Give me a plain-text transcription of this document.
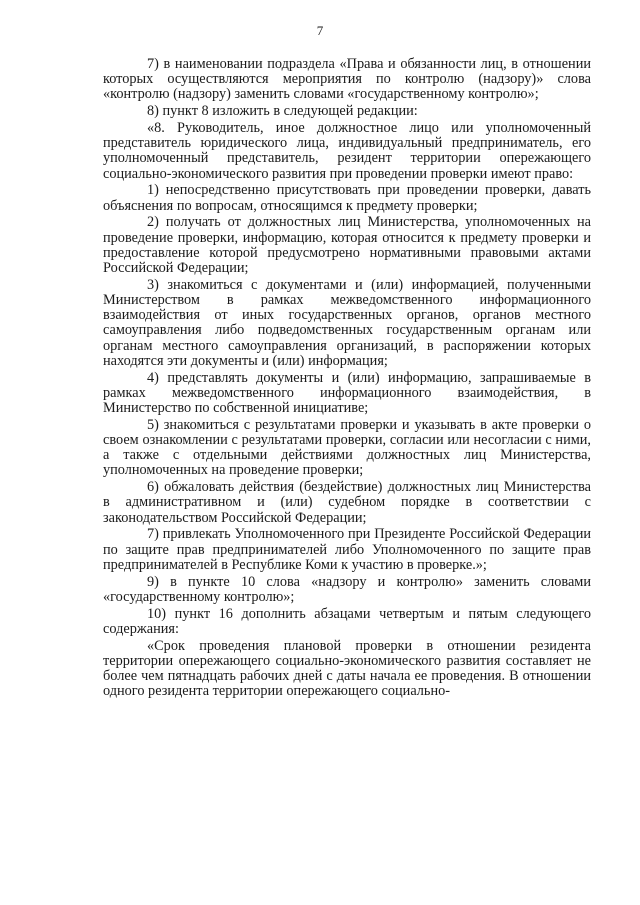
7

7) в наименовании подраздела «Права и обязанности лиц, в отношении которых осуществляются мероприятия по контролю (надзору)» слова «контролю (надзору) заменить словами «государственному контролю»;

8) пункт 8 изложить в следующей редакции:

«8. Руководитель, иное должностное лицо или уполномоченный представитель юридического лица, индивидуальный предприниматель, его уполномоченный представитель, резидент территории опережающего социально-экономического развития при проведении проверки имеют право:

1) непосредственно присутствовать при проведении проверки, давать объяснения по вопросам, относящимся к предмету проверки;

2) получать от должностных лиц Министерства, уполномоченных на проведение проверки, информацию, которая относится к предмету проверки и предоставление которой предусмотрено нормативными правовыми актами Российской Федерации;

3) знакомиться с документами и (или) информацией, полученными Министерством в рамках межведомственного информационного взаимодействия от иных государственных органов, органов местного самоуправления либо подведомственных государственным органам или органам местного самоуправления организаций, в распоряжении которых находятся эти документы и (или) информация;

4) представлять документы и (или) информацию, запрашиваемые в рамках межведомственного информационного взаимодействия, в Министерство по собственной инициативе;

5) знакомиться с результатами проверки и указывать в акте проверки о своем ознакомлении с результатами проверки, согласии или несогласии с ними, а также с отдельными действиями должностных лиц Министерства, уполномоченных на проведение проверки;

6) обжаловать действия (бездействие) должностных лиц Министерства в административном и (или) судебном порядке в соответствии с законодательством Российской Федерации;

7) привлекать Уполномоченного при Президенте Российской Федерации по защите прав предпринимателей либо Уполномоченного по защите прав предпринимателей в Республике Коми к участию в проверке.»;

9) в пункте 10 слова «надзору и контролю» заменить словами «государственному контролю»;

10) пункт 16 дополнить абзацами четвертым и пятым следующего содержания:

«Срок проведения плановой проверки в отношении резидента территории опережающего социально-экономического развития составляет не более чем пятнадцать рабочих дней с даты начала ее проведения. В отношении одного резидента территории опережающего социально-
